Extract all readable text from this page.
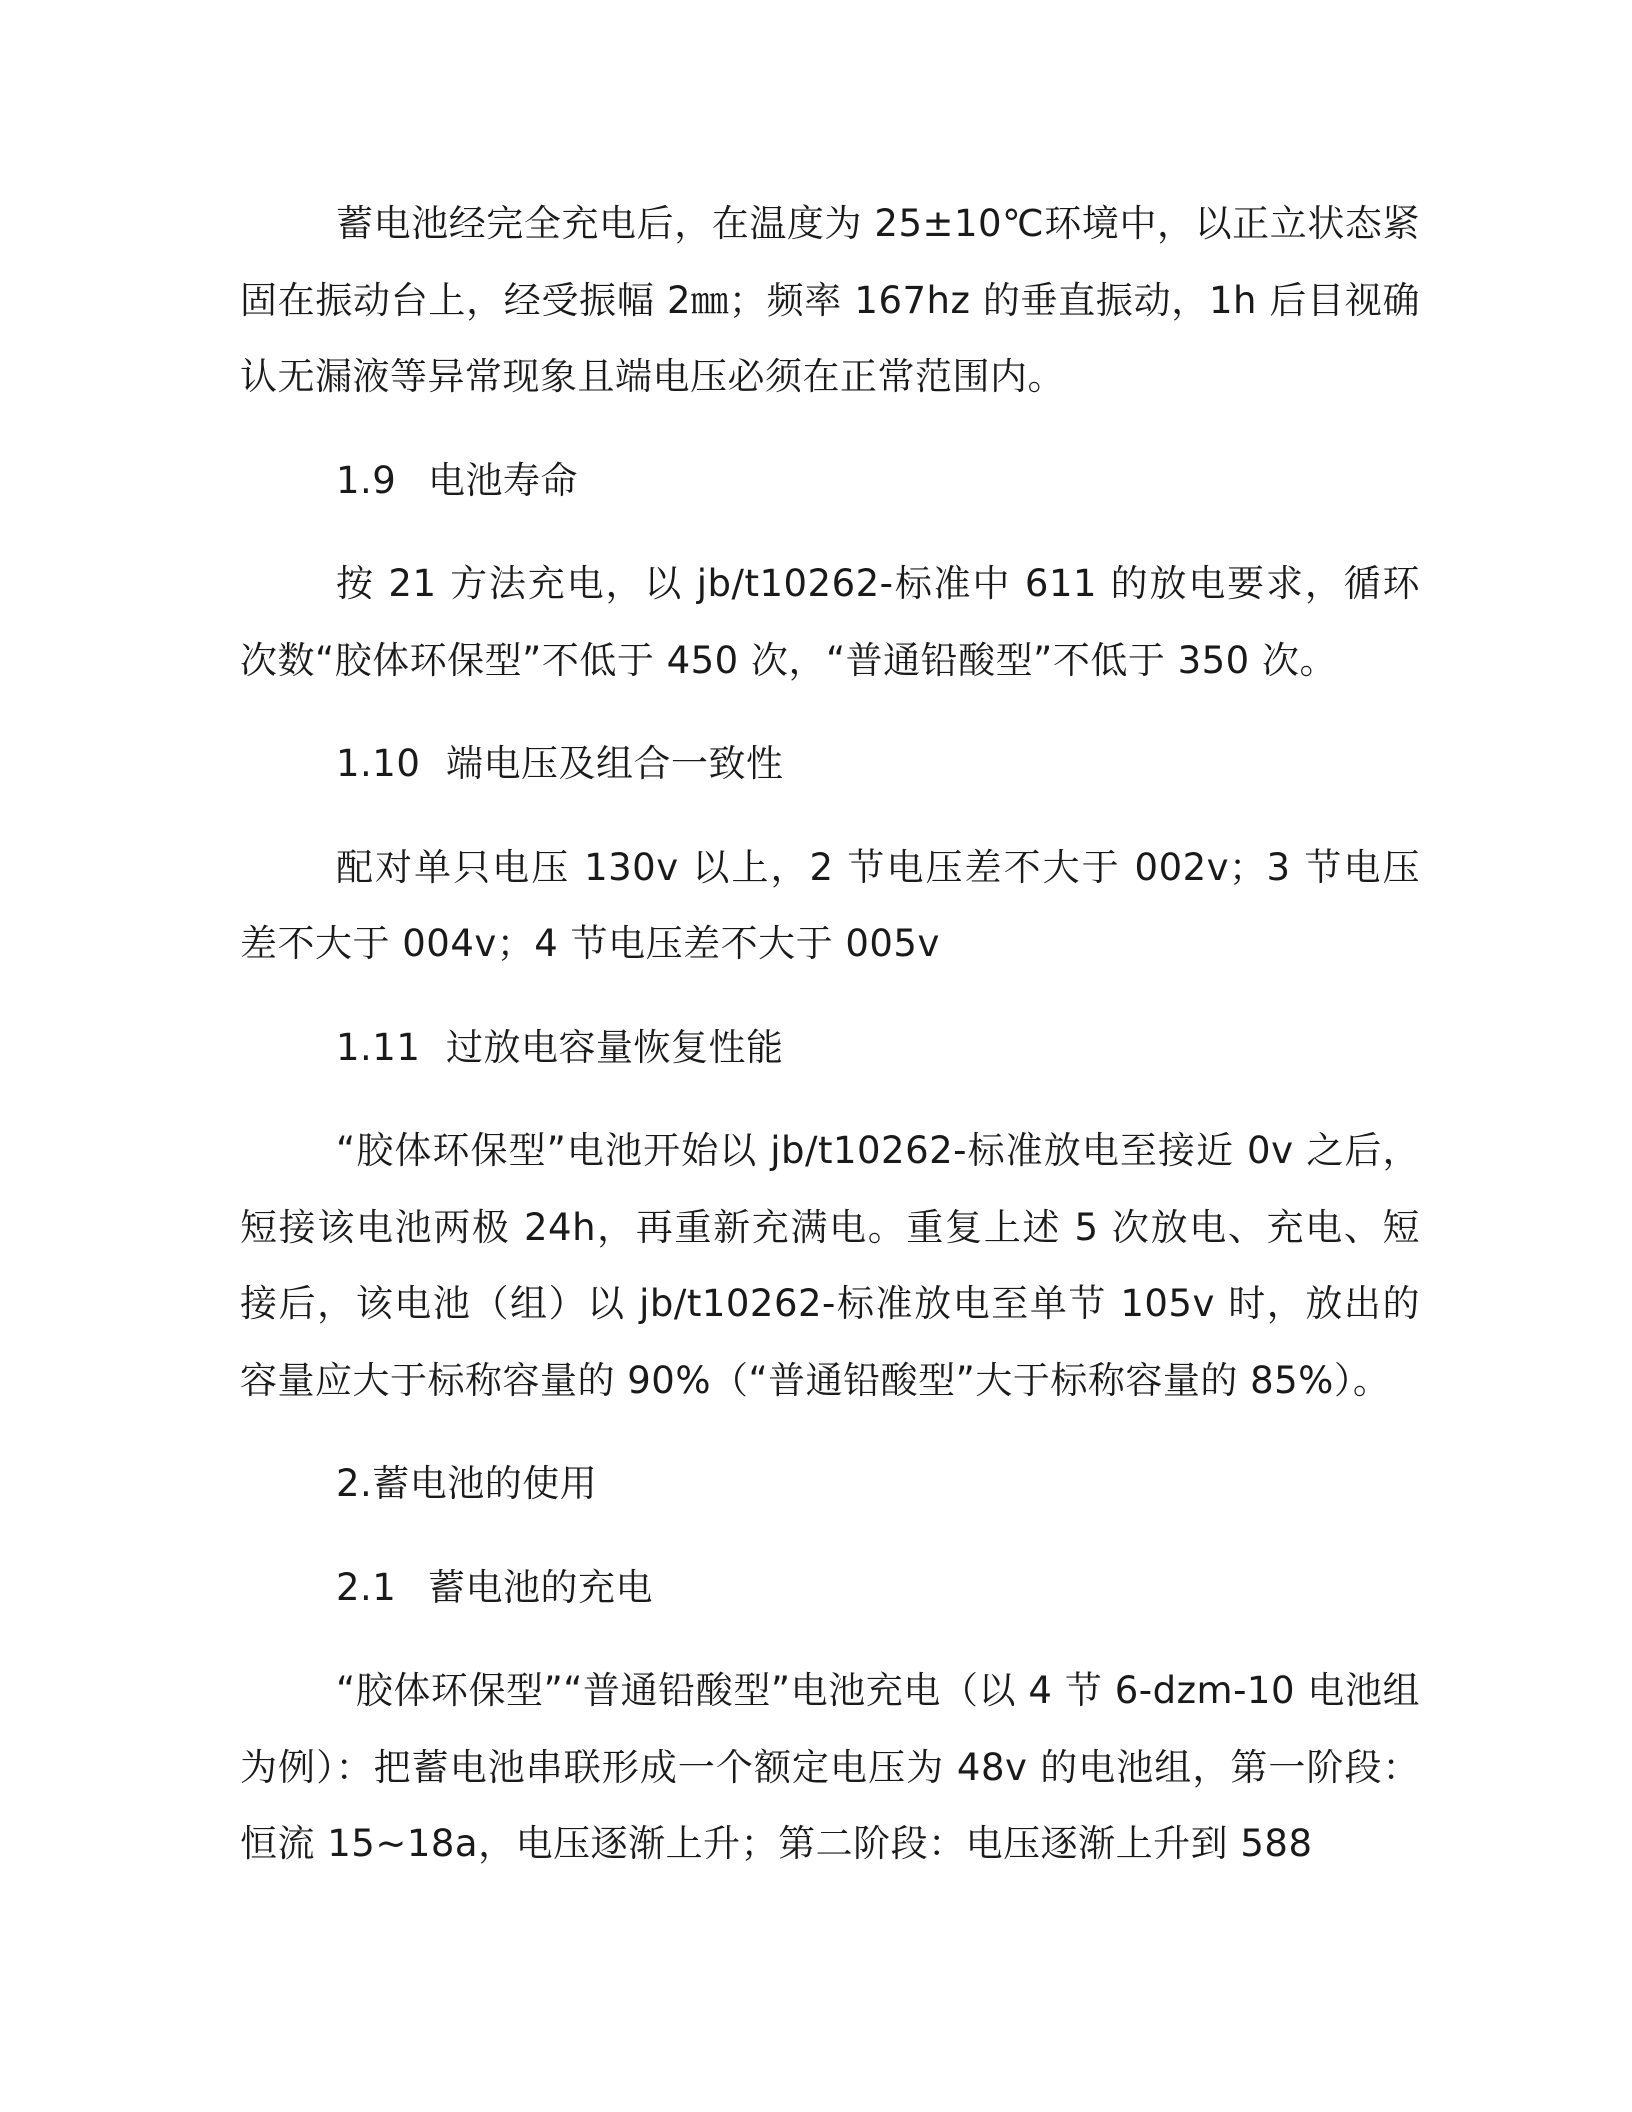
蓄电池经完全充电后，在温度为 25±10℃环境中，以正立状态紧固在振动台上，经受振幅 2㎜；频率 167hz 的垂直振动，1h 后目视确认无漏液等异常现象且端电压必须在正常范围内。

1.9 电池寿命

按 21 方法充电，以 jb/t10262-标准中 611 的放电要求，循环次数“胶体环保型”不低于 450 次，“普通铅酸型”不低于 350 次。

1.10 端电压及组合一致性

配对单只电压 130v 以上，2 节电压差不大于 002v；3 节电压差不大于 004v；4 节电压差不大于 005v

1.11 过放电容量恢复性能

“胶体环保型”电池开始以 jb/t10262-标准放电至接近 0v 之后，短接该电池两极 24h，再重新充满电。重复上述 5 次放电、充电、短接后，该电池（组）以 jb/t10262-标准放电至单节 105v 时，放出的容量应大于标称容量的 90%（“普通铅酸型”大于标称容量的 85%）。

2.蓄电池的使用
2.1 蓄电池的充电

“胶体环保型”“普通铅酸型”电池充电（以 4 节 6-dzm-10 电池组为例）：把蓄电池串联形成一个额定电压为 48v 的电池组，第一阶段：恒流 15~18a，电压逐渐上升；第二阶段：电压逐渐上升到 588
